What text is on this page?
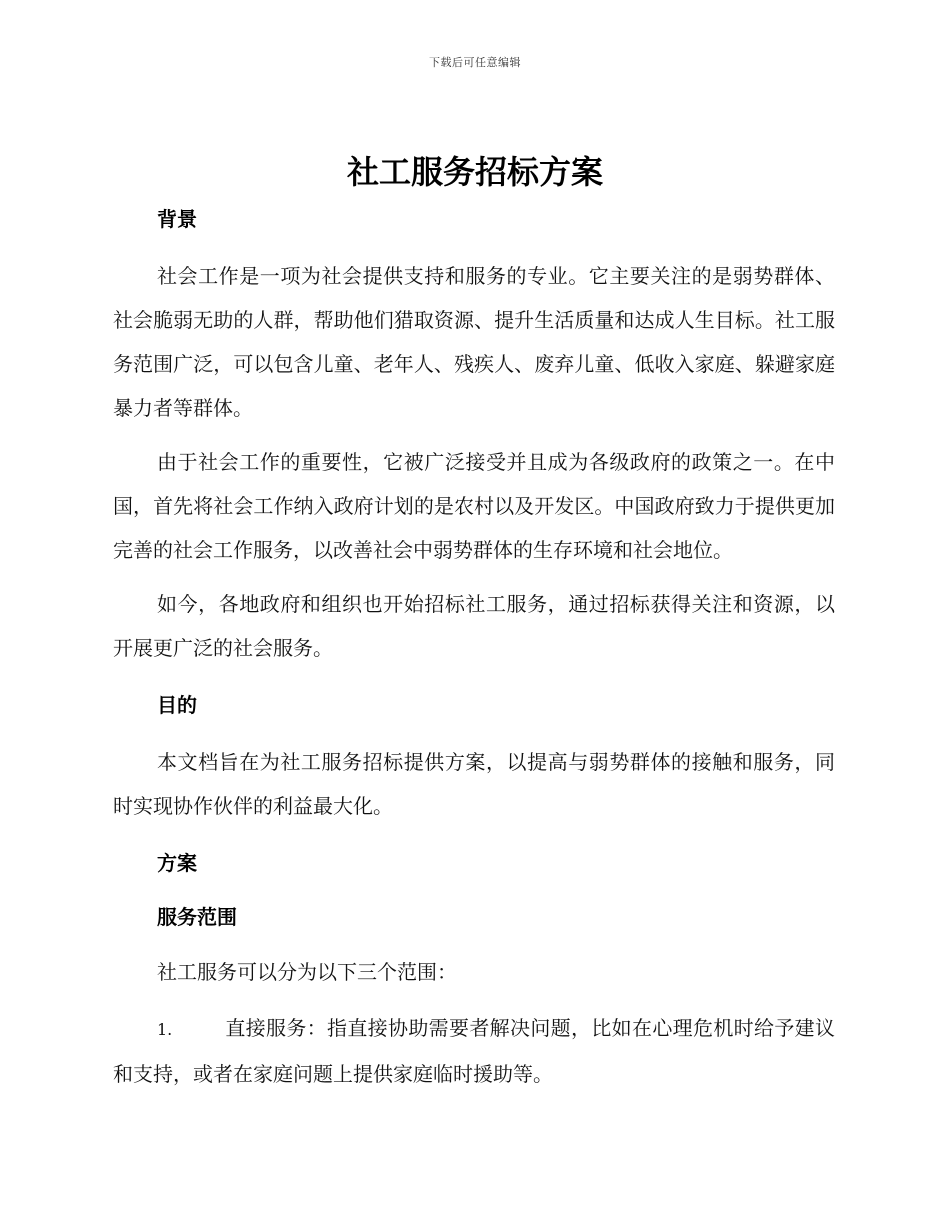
下载后可任意编辑
社工服务招标方案

背景

社会工作是一项为社会提供支持和服务的专业。它主要关注的是弱势群体、社会脆弱无助的人群，帮助他们猎取资源、提升生活质量和达成人生目标。社工服务范围广泛，可以包含儿童、老年人、残疾人、废弃儿童、低收入家庭、躲避家庭暴力者等群体。

由于社会工作的重要性，它被广泛接受并且成为各级政府的政策之一。在中国，首先将社会工作纳入政府计划的是农村以及开发区。中国政府致力于提供更加完善的社会工作服务，以改善社会中弱势群体的生存环境和社会地位。

如今，各地政府和组织也开始招标社工服务，通过招标获得关注和资源，以开展更广泛的社会服务。

目的

本文档旨在为社工服务招标提供方案，以提高与弱势群体的接触和服务，同时实现协作伙伴的利益最大化。

方案

服务范围

社工服务可以分为以下三个范围：

1.	直接服务：指直接协助需要者解决问题，比如在心理危机时给予建议和支持，或者在家庭问题上提供家庭临时援助等。
